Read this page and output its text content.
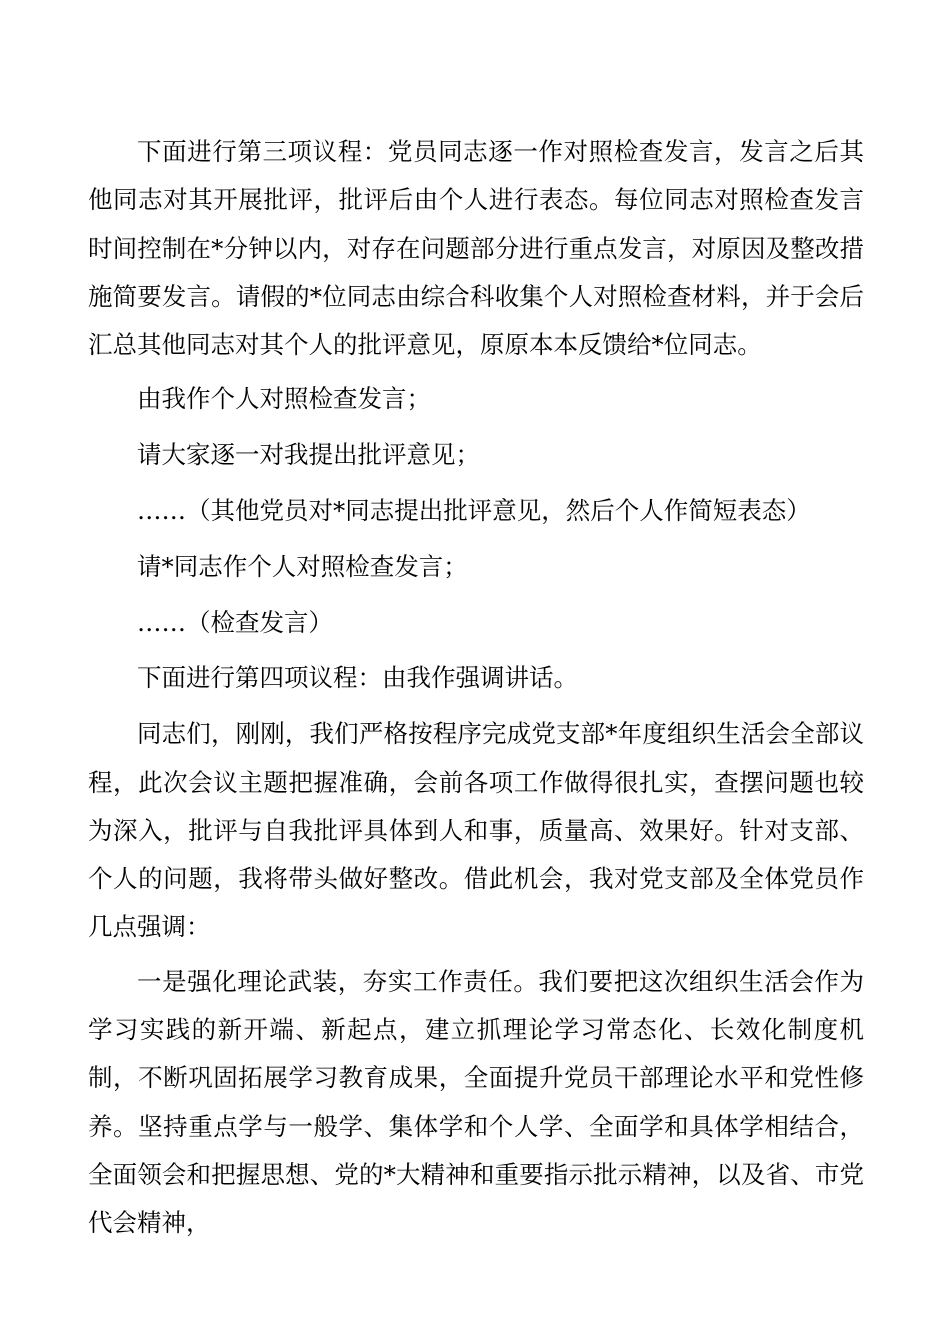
下面进行第三项议程：党员同志逐一作对照检查发言，发言之后其他同志对其开展批评，批评后由个人进行表态。每位同志对照检查发言时间控制在*分钟以内，对存在问题部分进行重点发言，对原因及整改措施简要发言。请假的*位同志由综合科收集个人对照检查材料，并于会后汇总其他同志对其个人的批评意见，原原本本反馈给*位同志。

由我作个人对照检查发言；

请大家逐一对我提出批评意见；

……（其他党员对*同志提出批评意见，然后个人作简短表态）

请*同志作个人对照检查发言；

……（检查发言）

下面进行第四项议程：由我作强调讲话。

同志们，刚刚，我们严格按程序完成党支部*年度组织生活会全部议程，此次会议主题把握准确，会前各项工作做得很扎实，查摆问题也较为深入，批评与自我批评具体到人和事，质量高、效果好。针对支部、个人的问题，我将带头做好整改。借此机会，我对党支部及全体党员作几点强调：

一是强化理论武装，夯实工作责任。我们要把这次组织生活会作为学习实践的新开端、新起点，建立抓理论学习常态化、长效化制度机制，不断巩固拓展学习教育成果，全面提升党员干部理论水平和党性修养。坚持重点学与一般学、集体学和个人学、全面学和具体学相结合，全面领会和把握思想、党的*大精神和重要指示批示精神，以及省、市党代会精神，
